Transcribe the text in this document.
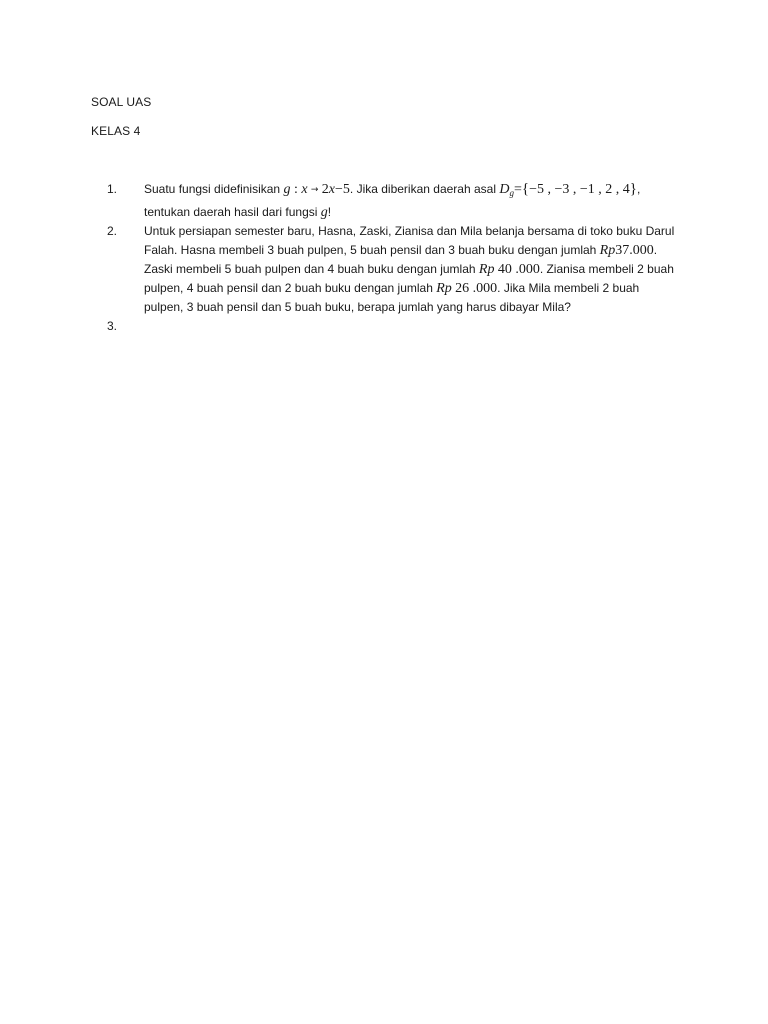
SOAL UAS
KELAS 4
1. Suatu fungsi didefinisikan g : x → 2x−5. Jika diberikan daerah asal $D_g=\{-5$ , −3 , −1 , 2 , 4}, tentukan daerah hasil dari fungsi g!
2. Untuk persiapan semester baru, Hasna, Zaski, Zianisa dan Mila belanja bersama di toko buku Darul Falah. Hasna membeli 3 buah pulpen, 5 buah pensil dan 3 buah buku dengan jumlah Rp37.000. Zaski membeli 5 buah pulpen dan 4 buah buku dengan jumlah Rp 40 .000. Zianisa membeli 2 buah pulpen, 4 buah pensil dan 2 buah buku dengan jumlah Rp 26 .000. Jika Mila membeli 2 buah pulpen, 3 buah pensil dan 5 buah buku, berapa jumlah yang harus dibayar Mila?
3.
